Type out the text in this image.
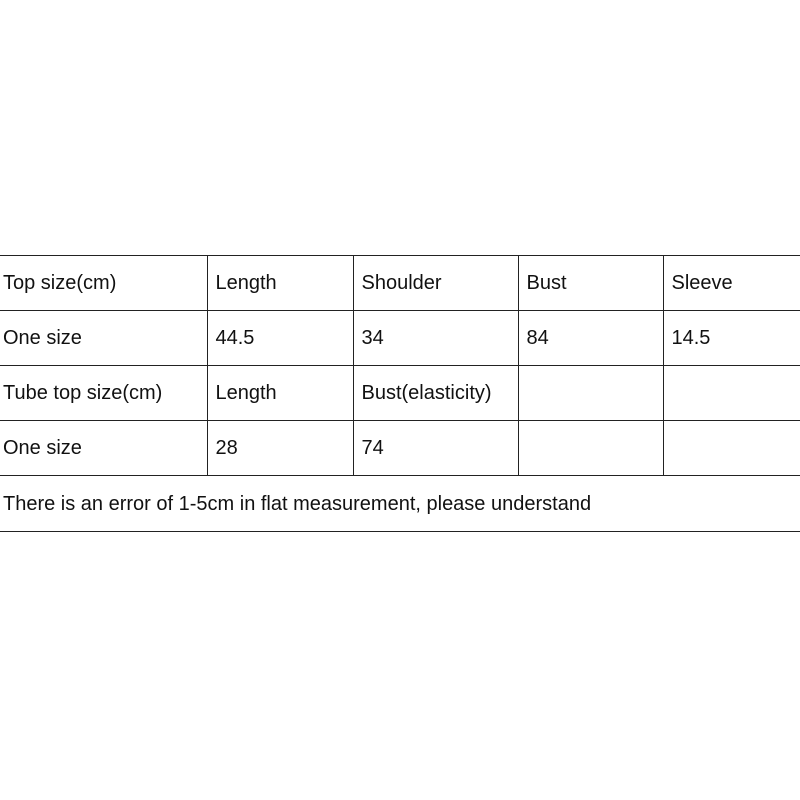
Top size(cm)	Length	Shoulder	Bust	Sleeve
One size	44.5	34	84	14.5
Tube top size(cm)	Length	Bust(elasticity)		
One size	28	74		
There is an error of 1-5cm in flat measurement, please understand				
